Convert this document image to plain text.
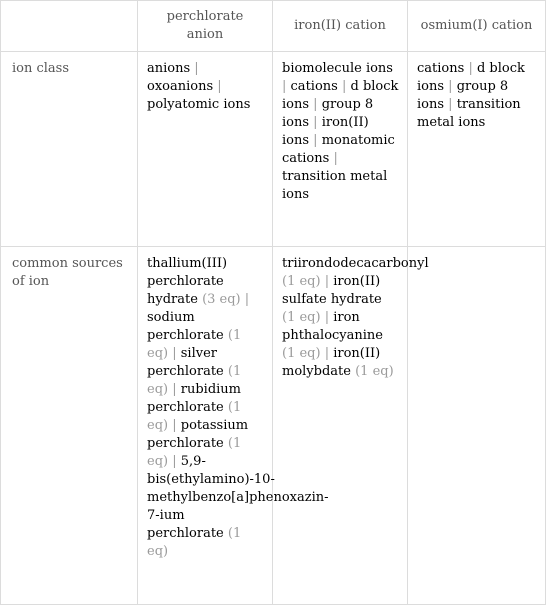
	perchlorate anion	iron(II) cation	osmium(I) cation
ion class	anions | oxoanions | polyatomic ions	biomolecule ions | cations | d block ions | group 8 ions | iron(II) ions | monatomic cations | transition metal ions	cations | d block ions | group 8 ions | transition metal ions
common sources of ion	thallium(III) perchlorate hydrate (3 eq) | sodium perchlorate (1 eq) | silver perchlorate (1 eq) | rubidium perchlorate (1 eq) | potassium perchlorate (1 eq) | 5,9-bis(ethylamino)-10-methylbenzo[a]phenoxazin-7-ium perchlorate (1 eq)	triirondodecacarbonyl (1 eq) | iron(II) sulfate hydrate (1 eq) | iron phthalocyanine (1 eq) | iron(II) molybdate (1 eq)	
